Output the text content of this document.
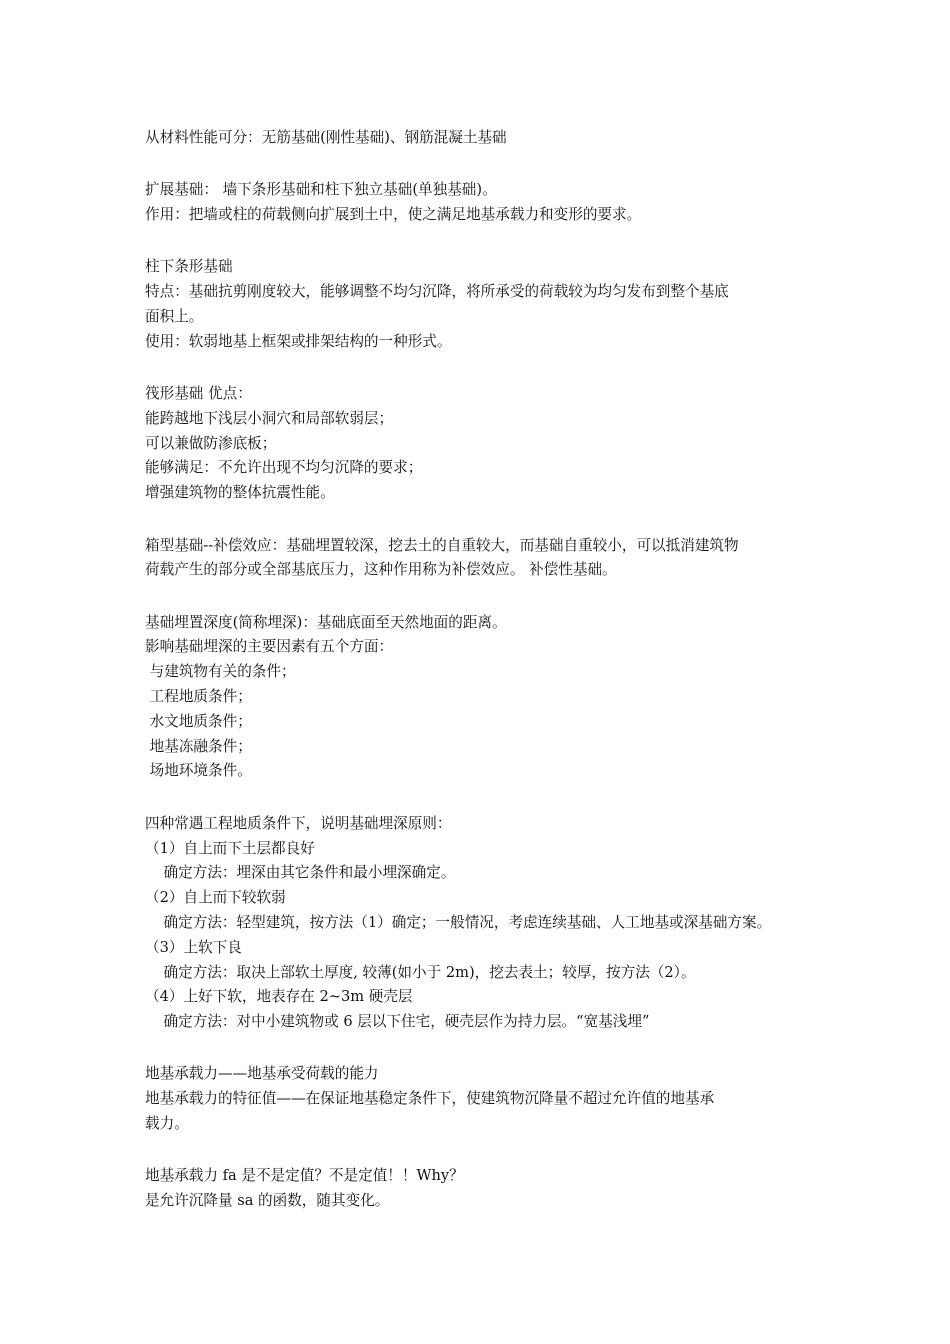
从材料性能可分：无筋基础(刚性基础)、钢筋混凝土基础
扩展基础： 墙下条形基础和柱下独立基础(单独基础)。
作用：把墙或柱的荷载侧向扩展到土中，使之满足地基承载力和变形的要求。
柱下条形基础
特点：基础抗剪刚度较大，能够调整不均匀沉降，将所承受的荷载较为均匀发布到整个基底
面积上。
使用：软弱地基上框架或排架结构的一种形式。
筏形基础 优点：
能跨越地下浅层小洞穴和局部软弱层；
可以兼做防渗底板；
能够满足：不允许出现不均匀沉降的要求；
增强建筑物的整体抗震性能。
箱型基础--补偿效应：基础埋置较深，挖去土的自重较大，而基础自重较小，可以抵消建筑物
荷载产生的部分或全部基底压力，这种作用称为补偿效应。 补偿性基础。
基础埋置深度(简称埋深)：基础底面至天然地面的距离。
影响基础埋深的主要因素有五个方面：
与建筑物有关的条件；
工程地质条件；
水文地质条件；
地基冻融条件；
场地环境条件。
四种常遇工程地质条件下，说明基础埋深原则：
（1）自上而下土层都良好
确定方法：埋深由其它条件和最小埋深确定。
（2）自上而下较软弱
确定方法：轻型建筑，按方法（1）确定；一般情况，考虑连续基础、人工地基或深基础方案。
（3）上软下良
确定方法：取决上部软土厚度, 较薄(如小于 2m)，挖去表土；较厚，按方法（2）。
（4）上好下软，地表存在 2~3m 硬壳层
确定方法：对中小建筑物或 6 层以下住宅，硬壳层作为持力层。“宽基浅埋”
地基承载力——地基承受荷载的能力
地基承载力的特征值——在保证地基稳定条件下，使建筑物沉降量不超过允许值的地基承
载力。
地基承载力 fa 是不是定值？不是定值！！Why？
是允许沉降量 sa 的函数，随其变化。
